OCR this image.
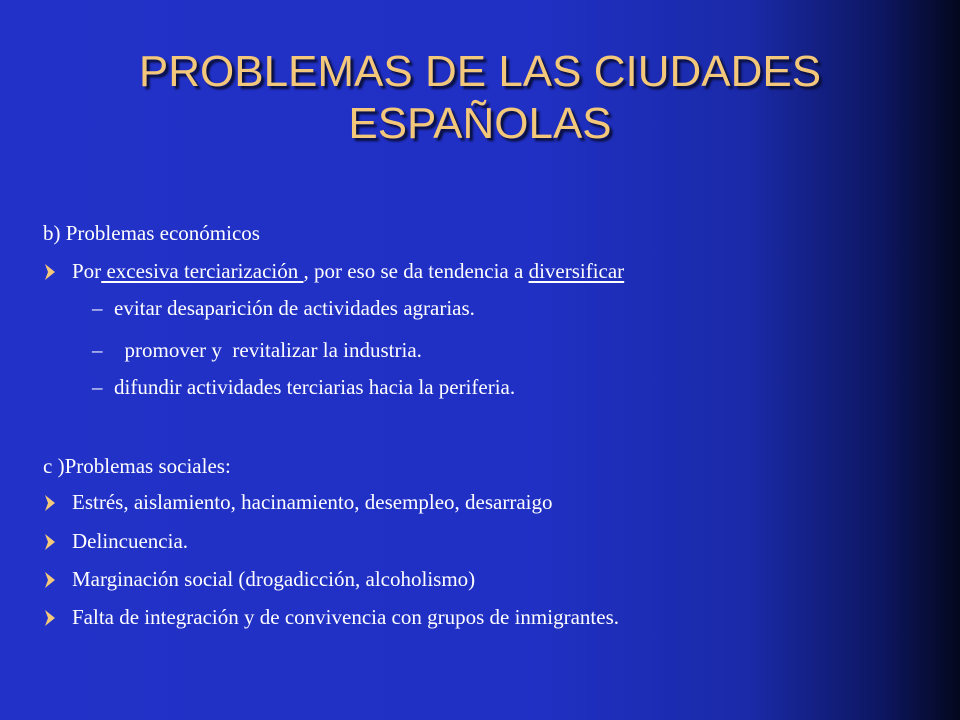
PROBLEMAS DE LAS CIUDADES
ESPAÑOLAS
b) Problemas económicos
Por excesiva terciarización , por eso se da tendencia a diversificar
– evitar desaparición de actividades agrarias.
–  promover y  revitalizar la industria.
– difundir actividades terciarias hacia la periferia.
c )Problemas sociales:
Estrés, aislamiento, hacinamiento, desempleo, desarraigo
Delincuencia.
Marginación social (drogadicción, alcoholismo)
Falta de integración y de convivencia con grupos de inmigrantes.
